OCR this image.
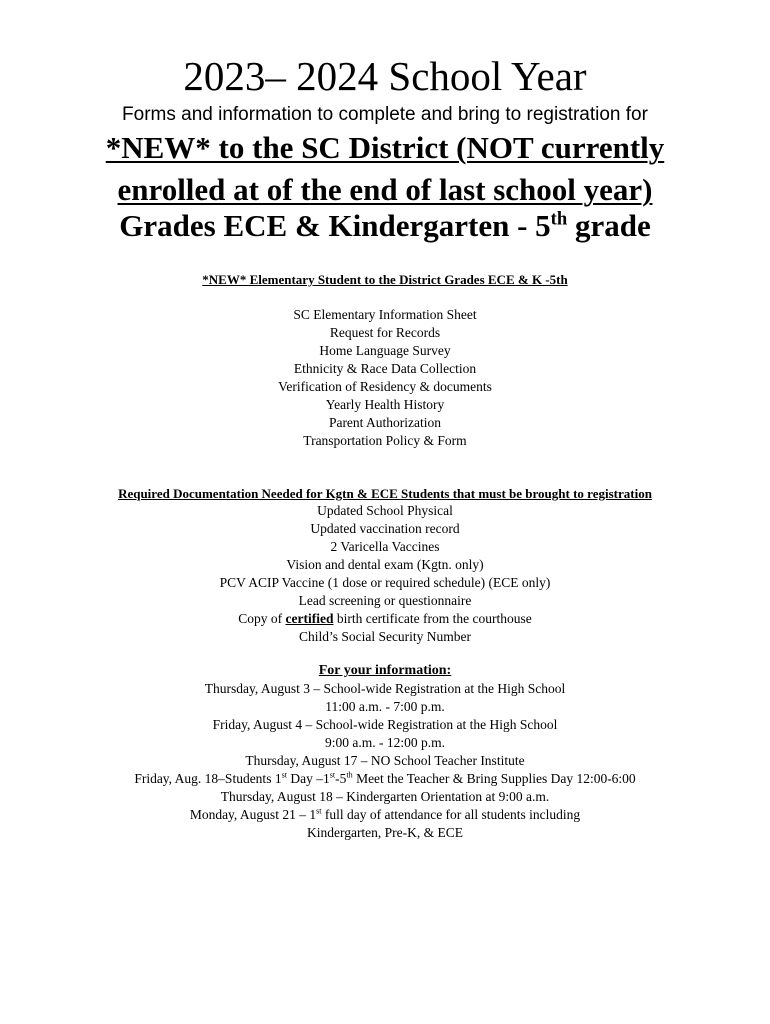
2023– 2024 School Year
Forms and information to complete and bring to registration for
*NEW* to the SC District (NOT currently
enrolled at of the end of last school year)
Grades ECE & Kindergarten - 5th grade
*NEW* Elementary Student to the District Grades ECE & K -5th
SC Elementary Information Sheet
Request for Records
Home Language Survey
Ethnicity & Race Data Collection
Verification of Residency & documents
Yearly Health History
Parent Authorization
Transportation Policy & Form
Required Documentation Needed for Kgtn & ECE Students that must be brought to registration
Updated School Physical
Updated vaccination record
2 Varicella Vaccines
Vision and dental exam (Kgtn. only)
PCV ACIP Vaccine (1 dose or required schedule) (ECE only)
Lead screening or questionnaire
Copy of certified birth certificate from the courthouse
Child’s Social Security Number
For your information:
Thursday, August 3 – School-wide Registration at the High School
11:00 a.m. - 7:00 p.m.
Friday, August 4 – School-wide Registration at the High School
9:00 a.m. - 12:00 p.m.
Thursday, August 17 – NO School Teacher Institute
Friday, Aug. 18–Students 1st Day –1st-5th Meet the Teacher & Bring Supplies Day 12:00-6:00
Thursday, August 18 – Kindergarten Orientation at 9:00 a.m.
Monday, August 21 – 1st full day of attendance for all students including
Kindergarten, Pre-K, & ECE
